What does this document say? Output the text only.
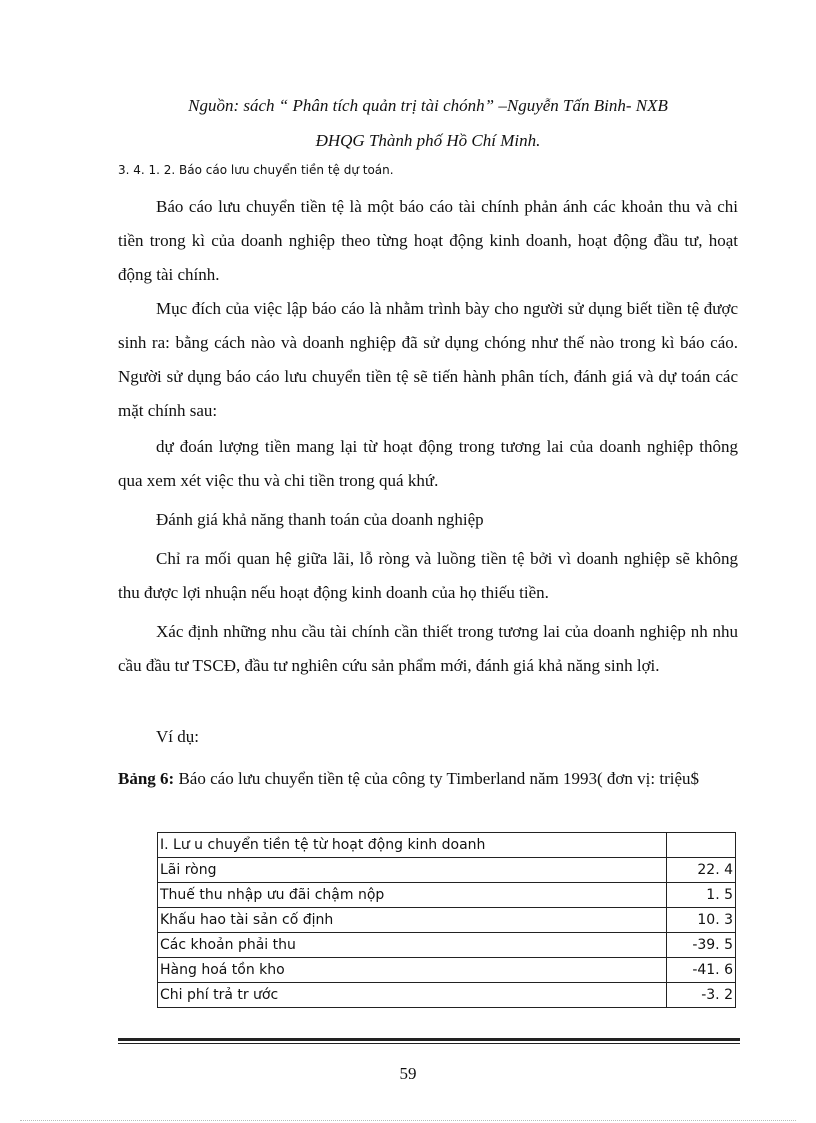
Nguồn: sách “ Phân tích quản trị tài chónh” –Nguyễn Tấn Binh- NXB
ĐHQG Thành phố Hồ Chí Minh.
3. 4. 1. 2. Báo cáo lưu chuyển tiền tệ dự toán.

Báo cáo lưu chuyển tiền tệ là một báo cáo tài chính phản ánh các khoản thu và chi tiền trong kì của doanh nghiệp theo từng hoạt động kinh doanh, hoạt động đầu tư, hoạt động tài chính.

Mục đích của việc lập báo cáo là nhằm trình bày cho người sử dụng biết tiền tệ được sinh ra: bằng cách nào và doanh nghiệp đã sử dụng chóng như thế nào trong kì báo cáo. Người sử dụng báo cáo lưu chuyển tiền tệ sẽ tiến hành phân tích, đánh giá và dự toán các mặt chính sau:

dự đoán lượng tiền mang lại từ hoạt động trong tương lai của doanh nghiệp thông qua xem xét việc thu và chi tiền trong quá khứ.

Đánh giá khả năng thanh toán của doanh nghiệp

Chỉ ra mối quan hệ giữa lãi, lỗ ròng và luồng tiền tệ bởi vì doanh nghiệp sẽ không thu được lợi nhuận nếu hoạt động kinh doanh của họ thiếu tiền.

Xác định những nhu cầu tài chính cần thiết trong tương lai của doanh nghiệp nh nhu cầu đầu tư TSCĐ, đầu tư nghiên cứu sản phẩm mới, đánh giá khả năng sinh lợi.

Ví dụ:

Bảng 6: Báo cáo lưu chuyển tiền tệ của công ty Timberland năm 1993( đơn vị: triệu$

I. Lư u chuyển tiền tệ từ hoạt động kinh doanh	
Lãi ròng	22. 4
Thuế thu nhập ưu đãi chậm nộp	1. 5
Khấu hao tài sản cố định	10. 3
Các khoản phải thu	-39. 5
Hàng hoá tồn kho	-41. 6
Chi phí trả tr ước	-3. 2
59
